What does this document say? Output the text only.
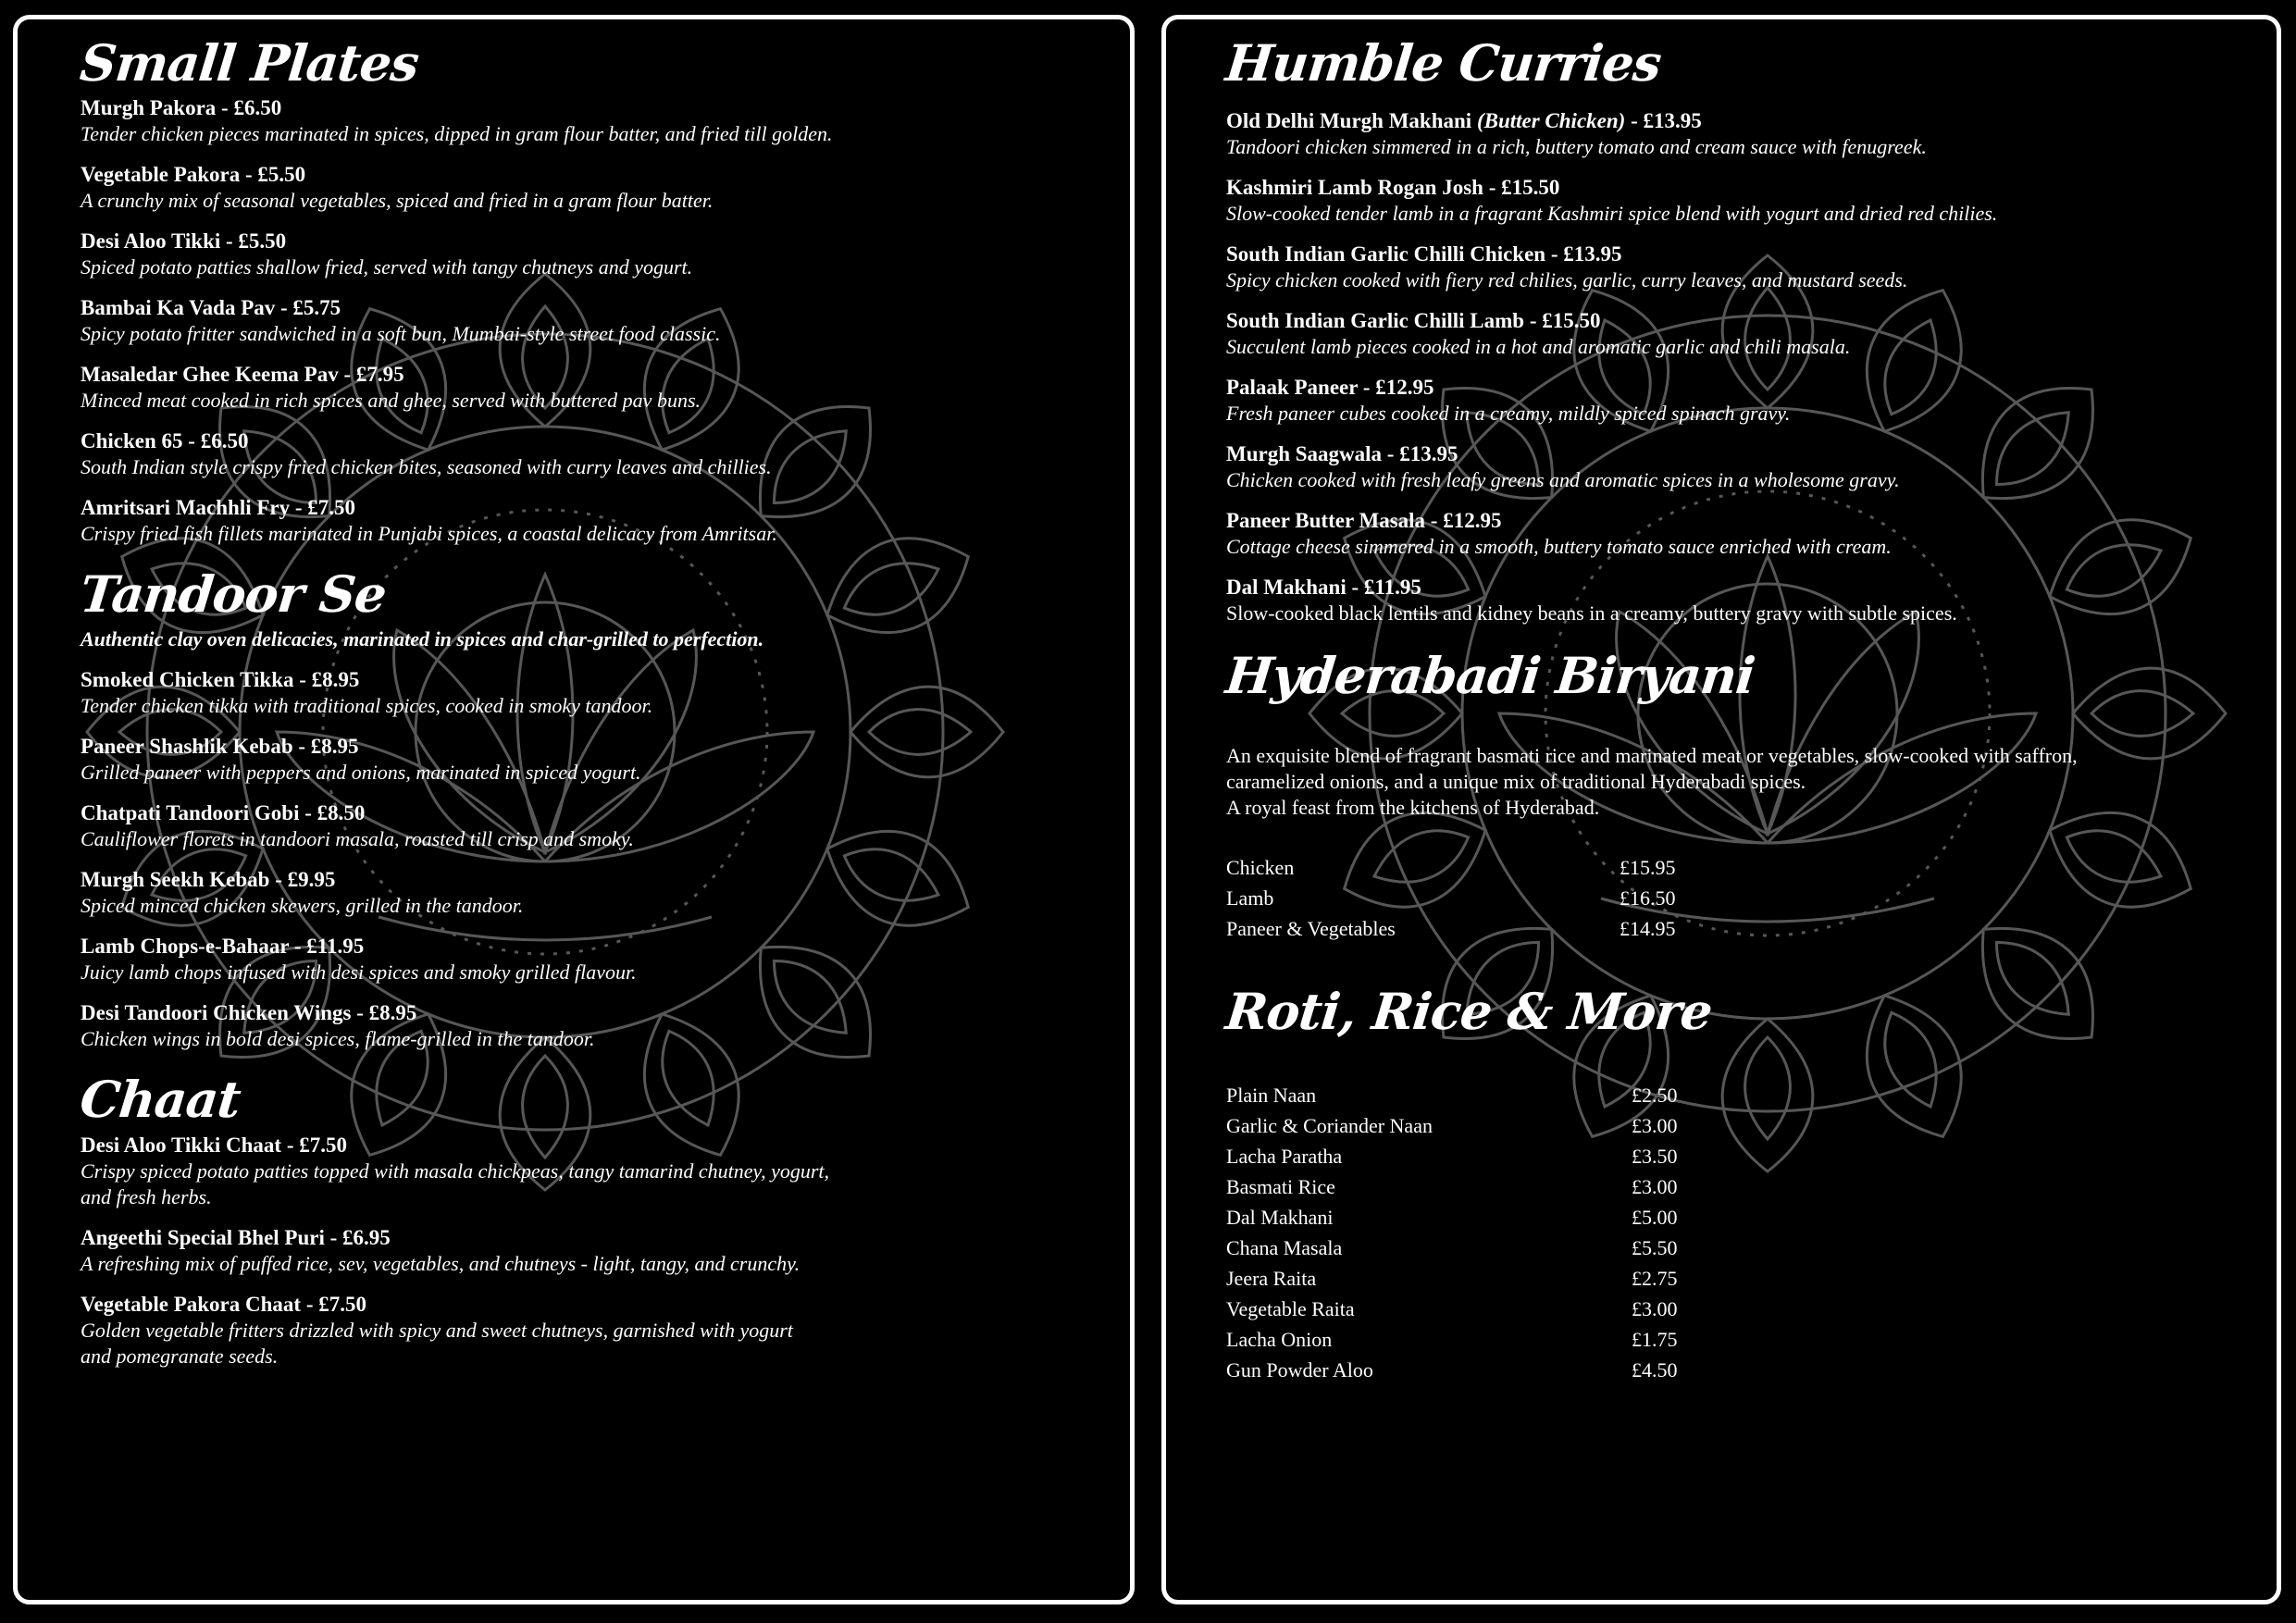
Small Plates
Murgh Pakora - £6.50
Tender chicken pieces marinated in spices, dipped in gram flour batter, and fried till golden.
Vegetable Pakora - £5.50
A crunchy mix of seasonal vegetables, spiced and fried in a gram flour batter.
Desi Aloo Tikki - £5.50
Spiced potato patties shallow fried, served with tangy chutneys and yogurt.
Bambai Ka Vada Pav - £5.75
Spicy potato fritter sandwiched in a soft bun, Mumbai-style street food classic.
Masaledar Ghee Keema Pav - £7.95
Minced meat cooked in rich spices and ghee, served with buttered pav buns.
Chicken 65 - £6.50
South Indian style crispy fried chicken bites, seasoned with curry leaves and chillies.
Amritsari Machhli Fry - £7.50
Crispy fried fish fillets marinated in Punjabi spices, a coastal delicacy from Amritsar.
Tandoor Se
Authentic clay oven delicacies, marinated in spices and char-grilled to perfection.
Smoked Chicken Tikka - £8.95
Tender chicken tikka with traditional spices, cooked in smoky tandoor.
Paneer Shashlik Kebab - £8.95
Grilled paneer with peppers and onions, marinated in spiced yogurt.
Chatpati Tandoori Gobi - £8.50
Cauliflower florets in tandoori masala, roasted till crisp and smoky.
Murgh Seekh Kebab - £9.95
Spiced minced chicken skewers, grilled in the tandoor.
Lamb Chops-e-Bahaar - £11.95
Juicy lamb chops infused with desi spices and smoky grilled flavour.
Desi Tandoori Chicken Wings - £8.95
Chicken wings in bold desi spices, flame-grilled in the tandoor.
Chaat
Desi Aloo Tikki Chaat - £7.50
Crispy spiced potato patties topped with masala chickpeas, tangy tamarind chutney, yogurt,
and fresh herbs.
Angeethi Special Bhel Puri - £6.95
A refreshing mix of puffed rice, sev, vegetables, and chutneys - light, tangy, and crunchy.
Vegetable Pakora Chaat - £7.50
Golden vegetable fritters drizzled with spicy and sweet chutneys, garnished with yogurt
and pomegranate seeds.
Humble Curries
Old Delhi Murgh Makhani (Butter Chicken) - £13.95
Tandoori chicken simmered in a rich, buttery tomato and cream sauce with fenugreek.
Kashmiri Lamb Rogan Josh - £15.50
Slow-cooked tender lamb in a fragrant Kashmiri spice blend with yogurt and dried red chilies.
South Indian Garlic Chilli Chicken - £13.95
Spicy chicken cooked with fiery red chilies, garlic, curry leaves, and mustard seeds.
South Indian Garlic Chilli Lamb - £15.50
Succulent lamb pieces cooked in a hot and aromatic garlic and chili masala.
Palaak Paneer - £12.95
Fresh paneer cubes cooked in a creamy, mildly spiced spinach gravy.
Murgh Saagwala - £13.95
Chicken cooked with fresh leafy greens and aromatic spices in a wholesome gravy.
Paneer Butter Masala - £12.95
Cottage cheese simmered in a smooth, buttery tomato sauce enriched with cream.
Dal Makhani - £11.95
Slow-cooked black lentils and kidney beans in a creamy, buttery gravy with subtle spices.
Hyderabadi Biryani
An exquisite blend of fragrant basmati rice and marinated meat or vegetables, slow-cooked with saffron,
caramelized onions, and a unique mix of traditional Hyderabadi spices.
A royal feast from the kitchens of Hyderabad.
Chicken	£15.95
Lamb	£16.50
Paneer & Vegetables	£14.95
Roti, Rice & More
Plain Naan	£2.50
Garlic & Coriander Naan	£3.00
Lacha Paratha	£3.50
Basmati Rice	£3.00
Dal Makhani	£5.00
Chana Masala	£5.50
Jeera Raita	£2.75
Vegetable Raita	£3.00
Lacha Onion	£1.75
Gun Powder Aloo	£4.50
